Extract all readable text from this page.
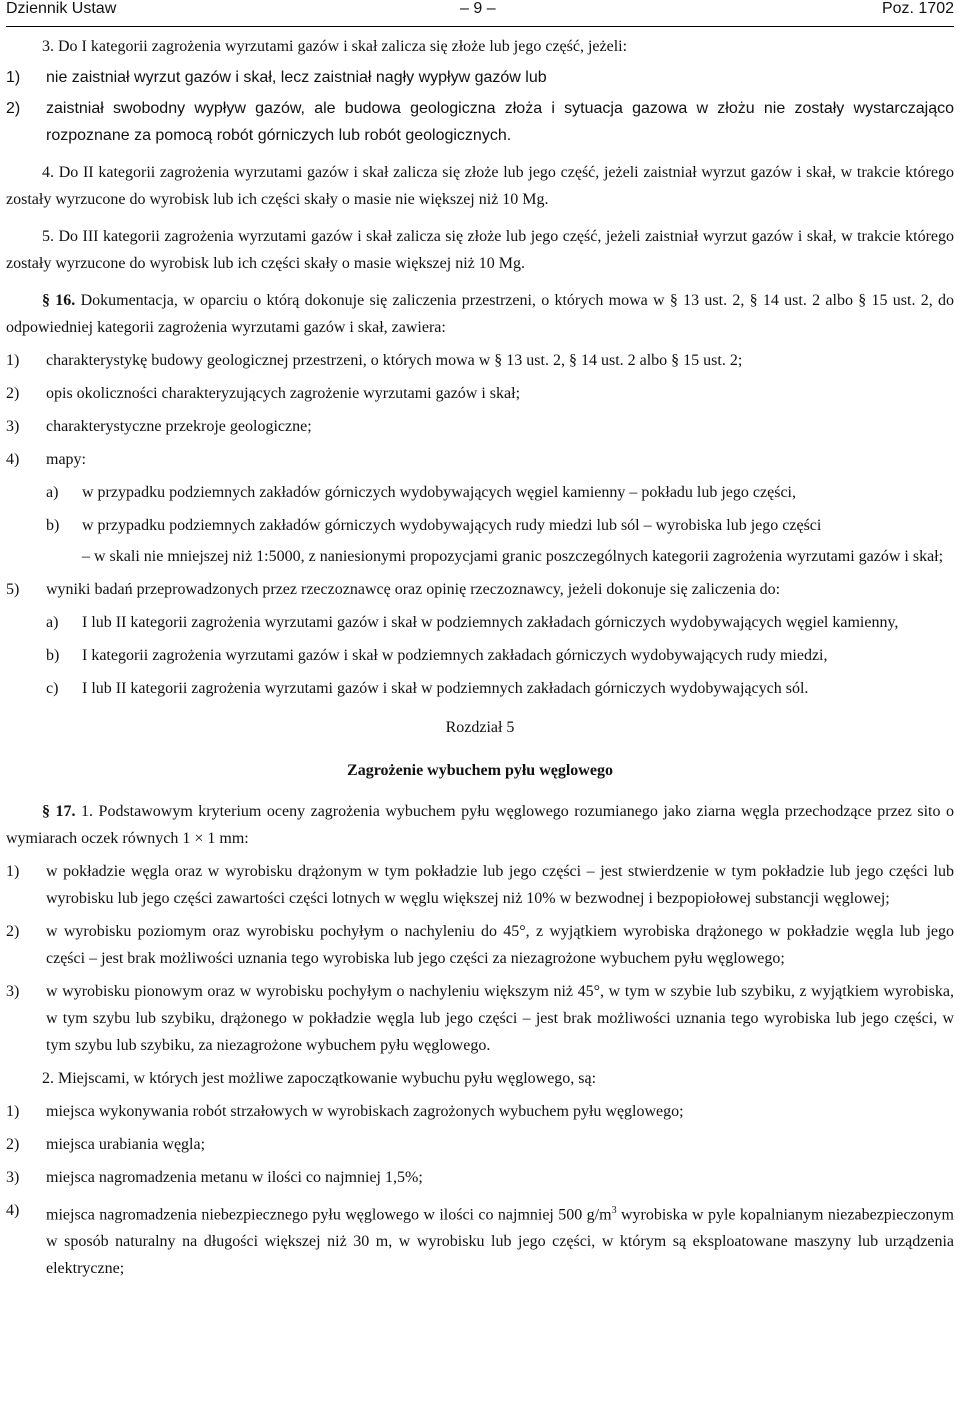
Dziennik Ustaw	– 9 –	Poz. 1702
3. Do I kategorii zagrożenia wyrzutami gazów i skał zalicza się złoże lub jego część, jeżeli:
1)	nie zaistniał wyrzut gazów i skał, lecz zaistniał nagły wypływ gazów lub
2)	zaistniał swobodny wypływ gazów, ale budowa geologiczna złoża i sytuacja gazowa w złożu nie zostały wystarczająco rozpoznane za pomocą robót górniczych lub robót geologicznych.
4. Do II kategorii zagrożenia wyrzutami gazów i skał zalicza się złoże lub jego część, jeżeli zaistniał wyrzut gazów i skał, w trakcie którego zostały wyrzucone do wyrobisk lub ich części skały o masie nie większej niż 10 Mg.
5. Do III kategorii zagrożenia wyrzutami gazów i skał zalicza się złoże lub jego część, jeżeli zaistniał wyrzut gazów i skał, w trakcie którego zostały wyrzucone do wyrobisk lub ich części skały o masie większej niż 10 Mg.
§ 16. Dokumentacja, w oparciu o którą dokonuje się zaliczenia przestrzeni, o których mowa w § 13 ust. 2, § 14 ust. 2 albo § 15 ust. 2, do odpowiedniej kategorii zagrożenia wyrzutami gazów i skał, zawiera:
1)	charakterystykę budowy geologicznej przestrzeni, o których mowa w § 13 ust. 2, § 14 ust. 2 albo § 15 ust. 2;
2)	opis okoliczności charakteryzujących zagrożenie wyrzutami gazów i skał;
3)	charakterystyczne przekroje geologiczne;
4)	mapy:
a)	w przypadku podziemnych zakładów górniczych wydobywających węgiel kamienny – pokładu lub jego części,
b)	w przypadku podziemnych zakładów górniczych wydobywających rudy miedzi lub sól – wyrobiska lub jego części
– w skali nie mniejszej niż 1:5000, z naniesionymi propozycjami granic poszczególnych kategorii zagrożenia wyrzutami gazów i skał;
5)	wyniki badań przeprowadzonych przez rzeczoznawcę oraz opinię rzeczoznawcy, jeżeli dokonuje się zaliczenia do:
a)	I lub II kategorii zagrożenia wyrzutami gazów i skał w podziemnych zakładach górniczych wydobywających węgiel kamienny,
b)	I kategorii zagrożenia wyrzutami gazów i skał w podziemnych zakładach górniczych wydobywających rudy miedzi,
c)	I lub II kategorii zagrożenia wyrzutami gazów i skał w podziemnych zakładach górniczych wydobywających sól.
Rozdział 5
Zagrożenie wybuchem pyłu węglowego
§ 17. 1. Podstawowym kryterium oceny zagrożenia wybuchem pyłu węglowego rozumianego jako ziarna węgla przechodzące przez sito o wymiarach oczek równych 1 × 1 mm:
1)	w pokładzie węgla oraz w wyrobisku drążonym w tym pokładzie lub jego części – jest stwierdzenie w tym pokładzie lub jego części lub wyrobisku lub jego części zawartości części lotnych w węglu większej niż 10% w bezwodnej i bezpopiołowej substancji węglowej;
2)	w wyrobisku poziomym oraz wyrobisku pochyłym o nachyleniu do 45°, z wyjątkiem wyrobiska drążonego w pokładzie węgla lub jego części – jest brak możliwości uznania tego wyrobiska lub jego części za niezagrożone wybuchem pyłu węglowego;
3)	w wyrobisku pionowym oraz w wyrobisku pochyłym o nachyleniu większym niż 45°, w tym w szybie lub szybiku, z wyjątkiem wyrobiska, w tym szybu lub szybiku, drążonego w pokładzie węgla lub jego części – jest brak możliwości uznania tego wyrobiska lub jego części, w tym szybu lub szybiku, za niezagrożone wybuchem pyłu węglowego.
2. Miejscami, w których jest możliwe zapoczątkowanie wybuchu pyłu węglowego, są:
1)	miejsca wykonywania robót strzałowych w wyrobiskach zagrożonych wybuchem pyłu węglowego;
2)	miejsca urabiania węgla;
3)	miejsca nagromadzenia metanu w ilości co najmniej 1,5%;
4)	miejsca nagromadzenia niebezpiecznego pyłu węglowego w ilości co najmniej 500 $g/m^3$ wyrobiska w pyle kopalnianym niezabezpieczonym w sposób naturalny na długości większej niż 30 m, w wyrobisku lub jego części, w którym są eksploatowane maszyny lub urządzenia elektryczne;
